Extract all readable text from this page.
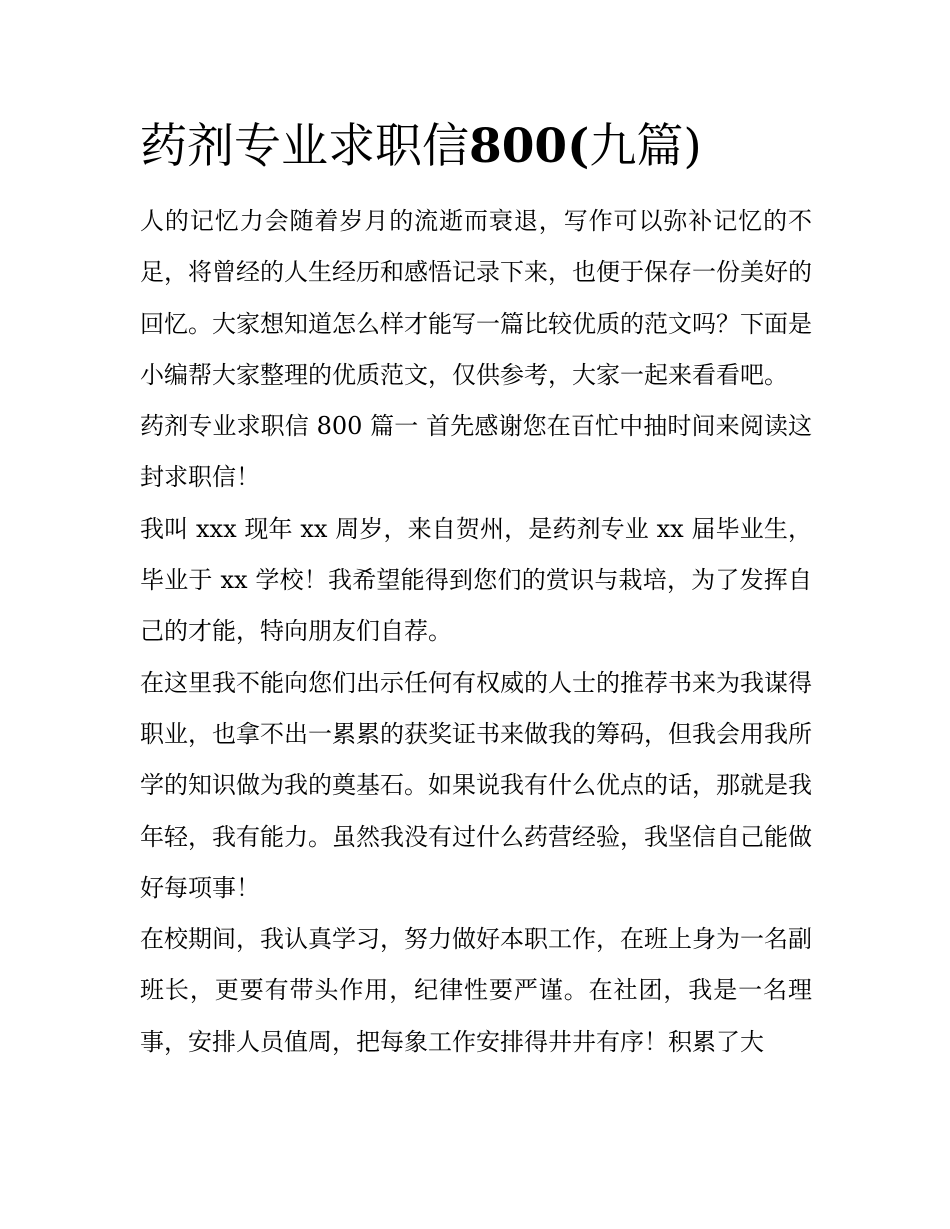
药剂专业求职信800(九篇)

人的记忆力会随着岁月的流逝而衰退，写作可以弥补记忆的不足，将曾经的人生经历和感悟记录下来，也便于保存一份美好的回忆。大家想知道怎么样才能写一篇比较优质的范文吗？下面是小编帮大家整理的优质范文，仅供参考，大家一起来看看吧。

药剂专业求职信 800 篇一 首先感谢您在百忙中抽时间来阅读这封求职信！

我叫 xxx 现年 xx 周岁，来自贺州，是药剂专业 xx 届毕业生，毕业于 xx 学校！我希望能得到您们的赏识与栽培，为了发挥自己的才能，特向朋友们自荐。

在这里我不能向您们出示任何有权威的人士的推荐书来为我谋得职业，也拿不出一累累的获奖证书来做我的筹码，但我会用我所学的知识做为我的奠基石。如果说我有什么优点的话，那就是我年轻，我有能力。虽然我没有过什么药营经验，我坚信自己能做好每项事！

在校期间，我认真学习，努力做好本职工作，在班上身为一名副班长，更要有带头作用，纪律性要严谨。在社团，我是一名理事，安排人员值周，把每象工作安排得井井有序！积累了大
